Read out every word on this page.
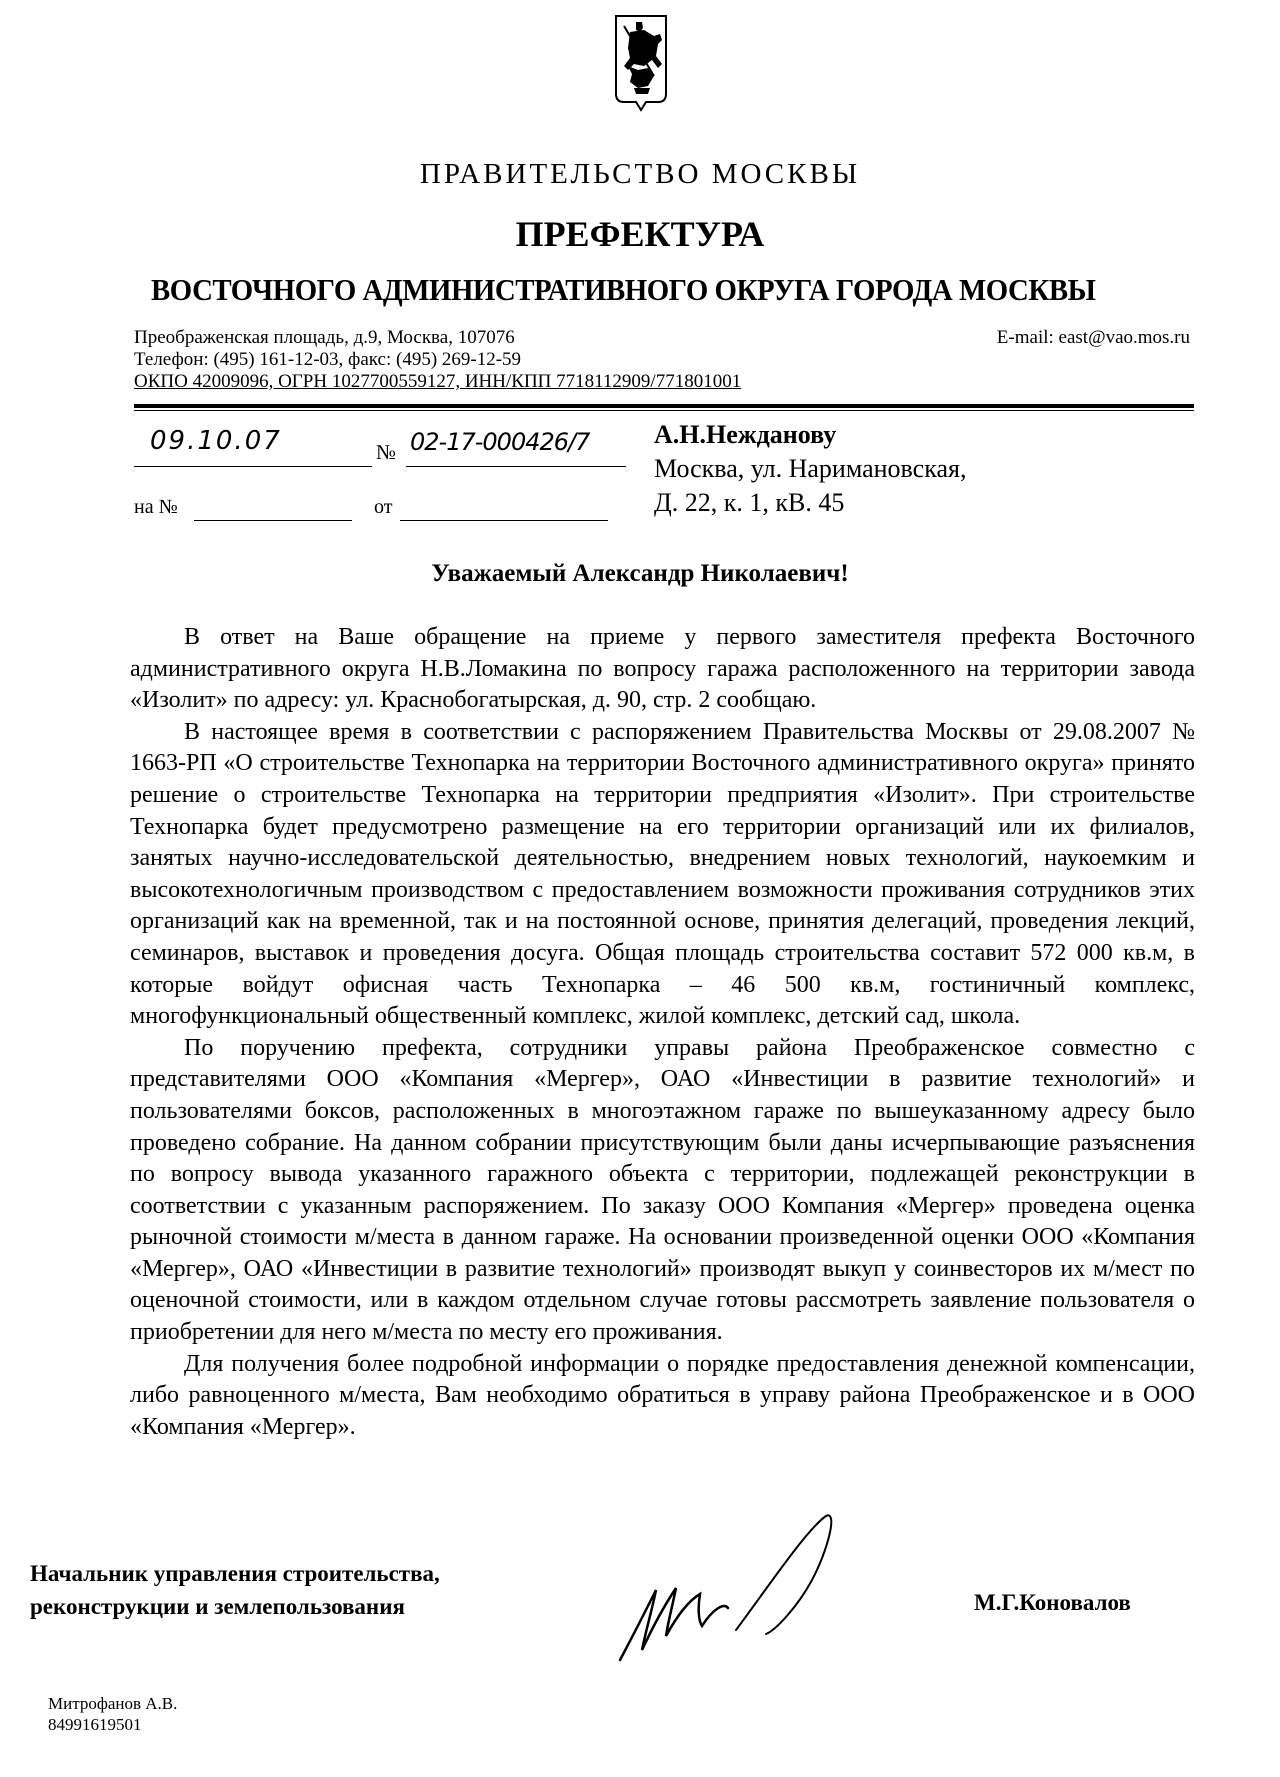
ПРАВИТЕЛЬСТВО МОСКВЫ
ПРЕФЕКТУРА
ВОСТОЧНОГО АДМИНИСТРАТИВНОГО ОКРУГА ГОРОДА МОСКВЫ
Преображенская площадь, д.9, Москва, 107076
Телефон: (495) 161-12-03, факс: (495) 269-12-59
ОКПО 42009096, ОГРН 1027700559127, ИНН/КПП 7718112909/771801001
E-mail: east@vao.mos.ru
09.10.07	№ 02-17-000426/7
на №	от
А.Н.Нежданову
Москва, ул. Наримановская,
Д. 22, к. 1, кВ. 45
Уважаемый Александр Николаевич!

В ответ на Ваше обращение на приеме у первого заместителя префекта Восточного административного округа Н.В.Ломакина по вопросу гаража расположенного на территории завода «Изолит» по адресу: ул. Краснобогатырская, д. 90, стр. 2 сообщаю.

В настоящее время в соответствии с распоряжением Правительства Москвы от 29.08.2007 № 1663-РП «О строительстве Технопарка на территории Восточного административного округа» принято решение о строительстве Технопарка на территории предприятия «Изолит». При строительстве Технопарка будет предусмотрено размещение на его территории организаций или их филиалов, занятых научно-исследовательской деятельностью, внедрением новых технологий, наукоемким и высокотехнологичным производством с предоставлением возможности проживания сотрудников этих организаций как на временной, так и на постоянной основе, принятия делегаций, проведения лекций, семинаров, выставок и проведения досуга. Общая площадь строительства составит 572 000 кв.м, в которые войдут офисная часть Технопарка – 46 500 кв.м, гостиничный комплекс, многофункциональный общественный комплекс, жилой комплекс, детский сад, школа.

По поручению префекта, сотрудники управы района Преображенское совместно с представителями ООО «Компания «Мергер», ОАО «Инвестиции в развитие технологий» и пользователями боксов, расположенных в многоэтажном гараже по вышеуказанному адресу было проведено собрание. На данном собрании присутствующим были даны исчерпывающие разъяснения по вопросу вывода указанного гаражного объекта с территории, подлежащей реконструкции в соответствии с указанным распоряжением. По заказу ООО Компания «Мергер» проведена оценка рыночной стоимости м/места в данном гараже. На основании произведенной оценки ООО «Компания «Мергер», ОАО «Инвестиции в развитие технологий» производят выкуп у соинвесторов их м/мест по оценочной стоимости, или в каждом отдельном случае готовы рассмотреть заявление пользователя о приобретении для него м/места по месту его проживания.

Для получения более подробной информации о порядке предоставления денежной компенсации, либо равноценного м/места, Вам необходимо обратиться в управу района Преображенское и в ООО «Компания «Мергер».

Начальник управления строительства,
реконструкции и землепользования	М.Г.Коновалов
Митрофанов А.В.
84991619501
